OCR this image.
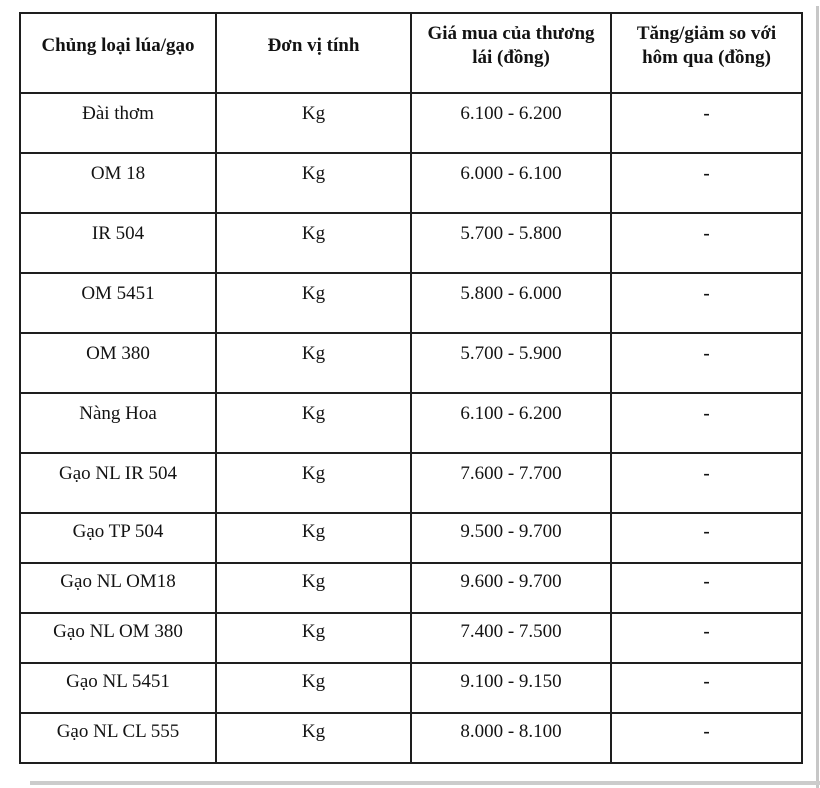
Chủng loại lúa/gạo	Đơn vị tính	Giá mua của thương lái (đồng)	Tăng/giảm so với hôm qua (đồng)
Đài thơm	Kg	6.100 - 6.200	-
OM 18	Kg	6.000 - 6.100	-
IR 504	Kg	5.700 - 5.800	-
OM 5451	Kg	5.800 - 6.000	-
OM 380	Kg	5.700 - 5.900	-
Nàng Hoa	Kg	6.100 - 6.200	-
Gạo NL IR 504	Kg	7.600 - 7.700	-
Gạo TP 504	Kg	9.500 - 9.700	-
Gạo NL OM18	Kg	9.600 - 9.700	-
Gạo NL OM 380	Kg	7.400 - 7.500	-
Gạo NL 5451	Kg	9.100 - 9.150	-
Gạo NL CL 555	Kg	8.000 - 8.100	-
